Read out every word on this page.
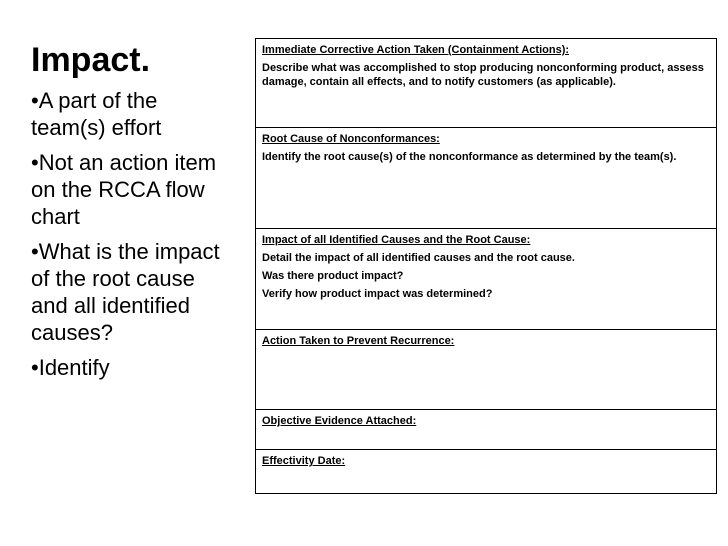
Impact.
•A part of the team(s) effort
•Not an action item on the RCCA flow chart
•What is the impact of the root cause and all identified causes?
•Identify
Immediate Corrective Action Taken (Containment Actions):
Describe what was accomplished to stop producing nonconforming product, assess damage, contain all effects, and to notify customers (as applicable).
Root Cause of Nonconformances:
Identify the root cause(s) of the nonconformance as determined by the team(s).
Impact of all Identified Causes and the Root Cause:
Detail the impact of all identified causes and the root cause.
Was there product impact?
Verify how product impact was determined?
Action Taken to Prevent Recurrence:
Objective Evidence Attached:
Effectivity Date:
